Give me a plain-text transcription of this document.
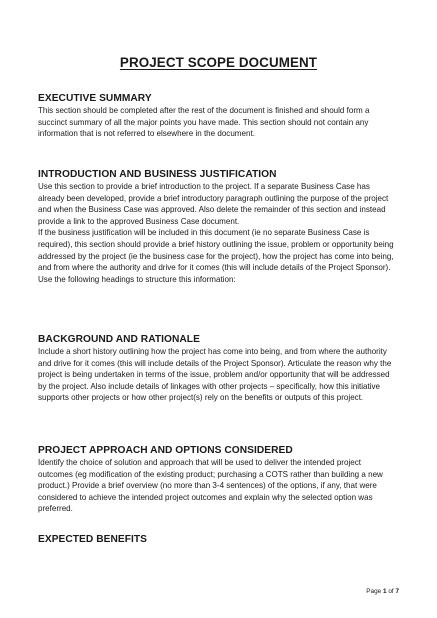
PROJECT SCOPE DOCUMENT
EXECUTIVE SUMMARY

This section should be completed after the rest of the document is finished and should form a succinct summary of all the major points you have made. This section should not contain any information that is not referred to elsewhere in the document.

INTRODUCTION AND BUSINESS JUSTIFICATION

Use this section to provide a brief introduction to the project. If a separate Business Case has already been developed, provide a brief introductory paragraph outlining the purpose of the project and when the Business Case was approved. Also delete the remainder of this section and instead provide a link to the approved Business Case document.

If the business justification will be included in this document (ie no separate Business Case is required), this section should provide a brief history outlining the issue, problem or opportunity being addressed by the project (ie the business case for the project), how the project has come into being, and from where the authority and drive for it comes (this will include details of the Project Sponsor). Use the following headings to structure this information:

BACKGROUND AND RATIONALE

Include a short history outlining how the project has come into being, and from where the authority and drive for it comes (this will include details of the Project Sponsor). Articulate the reason why the project is being undertaken in terms of the issue, problem and/or opportunity that will be addressed by the project. Also include details of linkages with other projects – specifically, how this initiative supports other projects or how other project(s) rely on the benefits or outputs of this project.

PROJECT APPROACH AND OPTIONS CONSIDERED

Identify the choice of solution and approach that will be used to deliver the intended project outcomes (eg modification of the existing product; purchasing a COTS rather than building a new product.) Provide a brief overview (no more than 3-4 sentences) of the options, if any, that were considered to achieve the intended project outcomes and explain why the selected option was preferred.

EXPECTED BENEFITS
Page 1 of 7
